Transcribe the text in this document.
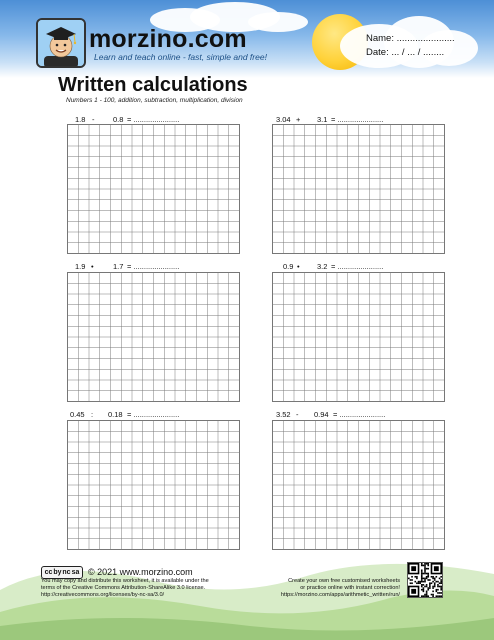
morzino.com
Learn and teach online - fast, simple and free!
Name: ......................
Date: ... / ... / ........
Written calculations
Numbers 1 - 100, addition, subtraction, multiplication, division
1.8 - 0.8 = ......................	3.04 + 3.1 = ......................
1.9 •	1.7 = ......................	0.9 • 3.2 = ......................
0.45 : 0.18 = ......................	3.52 - 0.94 = ......................
ccbyncsa © 2021 www.morzino.com
You may copy and distribute this worksheet, it is available under the
terms of the Creative Commons Attribution-ShareAlike 3.0 license.
http://creativecommons.org/licenses/by-nc-sa/3.0/
Create your own free customised worksheets
or practice online with instant correction!
https://morzino.com/apps/arithmetic_written/run/
